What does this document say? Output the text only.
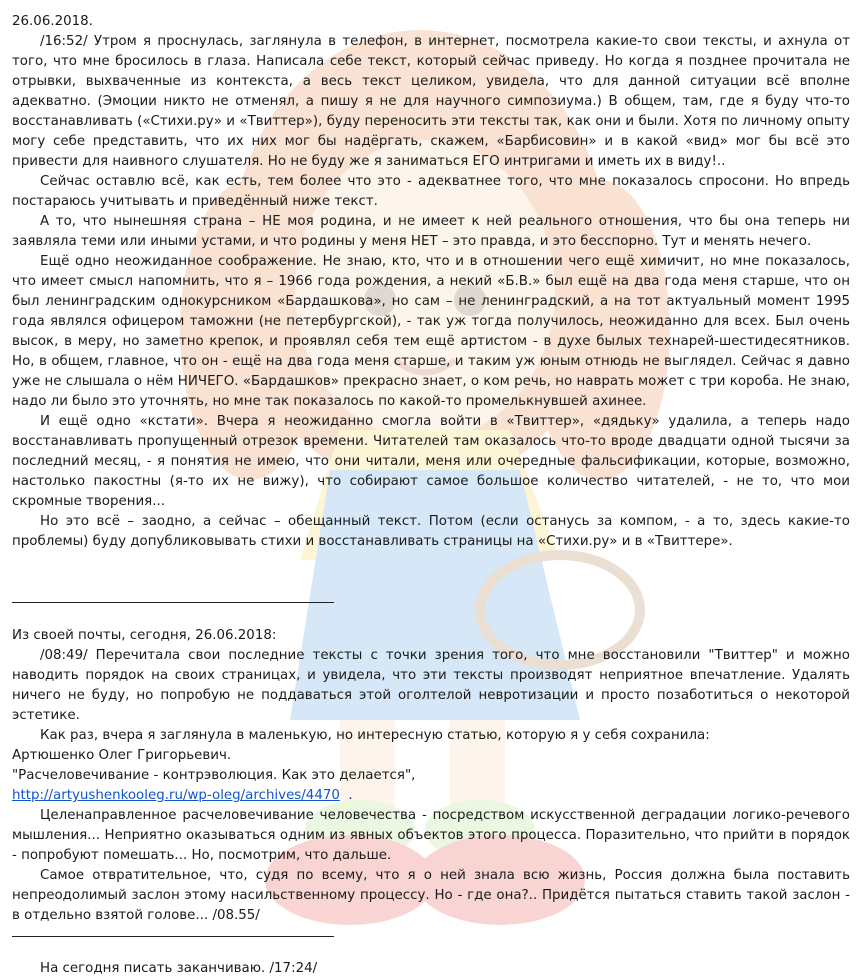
26.06.2018.

/16:52/ Утром я проснулась, заглянула в телефон, в интернет, посмотрела какие-то свои тексты, и ахнула от того, что мне бросилось в глаза. Написала себе текст, который сейчас приведу. Но когда я позднее прочитала не отрывки, выхваченные из контекста, а весь текст целиком, увидела, что для данной ситуации всё вполне адекватно. (Эмоции никто не отменял, а пишу я не для научного симпозиума.) В общем, там, где я буду что-то восстанавливать («Стихи.ру» и «Твиттер»), буду переносить эти тексты так, как они и были. Хотя по личному опыту могу себе представить, что их них мог бы надёргать, скажем, «Барбисовин» и в какой «вид» мог бы всё это привести для наивного слушателя. Но не буду же я заниматься ЕГО интригами и иметь их в виду!..

Сейчас оставлю всё, как есть, тем более что это - адекватнее того, что мне показалось спросони. Но впредь постараюсь учитывать и приведённый ниже текст.

А то, что нынешняя страна – НЕ моя родина, и не имеет к ней реального отношения, что бы она теперь ни заявляла теми или иными устами, и что родины у меня НЕТ – это правда, и это бесспорно. Тут и менять нечего.

Ещё одно неожиданное соображение. Не знаю, кто, что и в отношении чего ещё химичит, но мне показалось, что имеет смысл напомнить, что я – 1966 года рождения, а некий «Б.В.» был ещё на два года меня старше, что он был ленинградским однокурсником «Бардашкова», но сам – не ленинградский, а на тот актуальный момент 1995 года являлся офицером таможни (не петербургской), - так уж тогда получилось, неожиданно для всех. Был очень высок, в меру, но заметно крепок, и проявлял себя тем ещё артистом - в духе былых технарей-шестидесятников. Но, в общем, главное, что он - ещё на два года меня старше, и таким уж юным отнюдь не выглядел. Сейчас я давно уже не слышала о нём НИЧЕГО. «Бардашков» прекрасно знает, о ком речь, но наврать может с три короба. Не знаю, надо ли было это уточнять, но мне так показалось по какой-то промелькнувшей ахинее.

И ещё одно «кстати». Вчера я неожиданно смогла войти в «Твиттер», «дядьку» удалила, а теперь надо восстанавливать пропущенный отрезок времени. Читателей там оказалось что-то вроде двадцати одной тысячи за последний месяц, - я понятия не имею, что они читали, меня или очередные фальсификации, которые, возможно, настолько пакостны (я-то их не вижу), что собирают самое большое количество читателей, - не то, что мои скромные творения...

Но это всё – заодно, а сейчас – обещанный текст. Потом (если останусь за компом, - а то, здесь какие-то проблемы) буду допубликовывать стихи и восстанавливать страницы на «Стихи.ру» и в «Твиттере».

Из своей почты, сегодня, 26.06.2018:

/08:49/ Перечитала свои последние тексты с точки зрения того, что мне восстановили "Твиттер" и можно наводить порядок на своих страницах, и увидела, что эти тексты производят неприятное впечатление. Удалять ничего не буду, но попробую не поддаваться этой оголтелой невротизации и просто позаботиться о некоторой эстетике.

Как раз, вчера я заглянула в маленькую, но интересную статью, которую я у себя сохранила:

Артюшенко Олег Григорьевич.

"Расчеловечивание - контрэволюция. Как это делается",

http://artyushenkooleg.ru/wp-oleg/archives/4470  .

Целенаправленное расчеловечивание человечества - посредством искусственной деградации логико-речевого мышления... Неприятно оказываться одним из явных объектов этого процесса. Поразительно, что прийти в порядок - попробуют помешать... Но, посмотрим, что дальше.

Самое отвратительное, что, судя по всему, что я о ней знала всю жизнь, Россия должна была поставить непреодолимый заслон этому насильственному процессу. Но - где она?.. Придётся пытаться ставить такой заслон - в отдельно взятой голове... /08.55/

На сегодня писать заканчиваю. /17:24/
